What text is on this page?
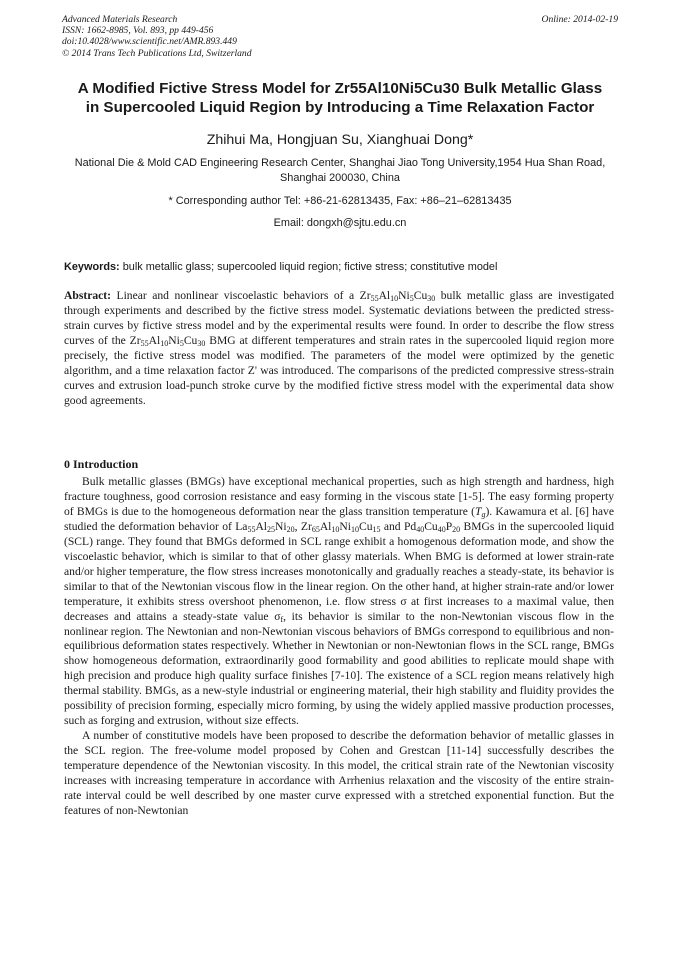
Advanced Materials Research
ISSN: 1662-8985, Vol. 893, pp 449-456
doi:10.4028/www.scientific.net/AMR.893.449
© 2014 Trans Tech Publications Ltd, Switzerland
Online: 2014-02-19
A Modified Fictive Stress Model for Zr55Al10Ni5Cu30 Bulk Metallic Glass
in Supercooled Liquid Region by Introducing a Time Relaxation Factor
Zhihui Ma, Hongjuan Su, Xianghuai Dong*
National Die & Mold CAD Engineering Research Center, Shanghai Jiao Tong University,1954 Hua Shan Road, Shanghai 200030, China
* Corresponding author Tel: +86-21-62813435, Fax: +86–21–62813435
Email: dongxh@sjtu.edu.cn
Keywords: bulk metallic glass; supercooled liquid region; fictive stress; constitutive model
Abstract: Linear and nonlinear viscoelastic behaviors of a $Zr_{55}Al_{10}Ni_5Cu_{30}$ bulk metallic glass are investigated through experiments and described by the fictive stress model. Systematic deviations between the predicted stress-strain curves by fictive stress model and by the experimental results were found. In order to describe the flow stress curves of the $Zr_{55}Al_{10}Ni_5Cu_{30}$ BMG at different temperatures and strain rates in the supercooled liquid region more precisely, the fictive stress model was modified. The parameters of the model were optimized by the genetic algorithm, and a time relaxation factor Z' was introduced. The comparisons of the predicted compressive stress-strain curves and extrusion load-punch stroke curve by the modified fictive stress model with the experimental data show good agreements.
0 Introduction

Bulk metallic glasses (BMGs) have exceptional mechanical properties, such as high strength and hardness, high fracture toughness, good corrosion resistance and easy forming in the viscous state [1-5]. The easy forming property of BMGs is due to the homogeneous deformation near the glass transition temperature $(T_g)$. Kawamura et al. [6] have studied the deformation behavior of $La_{55}Al_{25}Ni_{20}$, $Zr_{65}Al_{10}Ni_{10}Cu_{15}$ and $Pd_{40}Cu_{40}P_{20}$ BMGs in the supercooled liquid (SCL) range. They found that BMGs deformed in SCL range exhibit a homogenous deformation mode, and show the viscoelastic behavior, which is similar to that of other glassy materials. When BMG is deformed at lower strain-rate and/or higher temperature, the flow stress increases monotonically and gradually reaches a steady-state, its behavior is similar to that of the Newtonian viscous flow in the linear region. On the other hand, at higher strain-rate and/or lower temperature, it exhibits stress overshoot phenomenon, i.e. flow stress σ at first increases to a maximal value, then decreases and attains a steady-state value $\sigma_f$, its behavior is similar to the non-Newtonian viscous flow in the nonlinear region. The Newtonian and non-Newtonian viscous behaviors of BMGs correspond to equilibrious and non-equilibrious deformation states respectively. Whether in Newtonian or non-Newtonian flows in the SCL range, BMGs show homogeneous deformation, extraordinarily good formability and good abilities to replicate mould shape with high precision and produce high quality surface finishes [7-10]. The existence of a SCL region means relatively high thermal stability. BMGs, as a new-style industrial or engineering material, their high stability and fluidity provides the possibility of precision forming, especially micro forming, by using the widely applied massive production processes, such as forging and extrusion, without size effects.

A number of constitutive models have been proposed to describe the deformation behavior of metallic glasses in the SCL region. The free-volume model proposed by Cohen and Grestcan [11-14] successfully describes the temperature dependence of the Newtonian viscosity. In this model, the critical strain rate of the Newtonian viscosity increases with increasing temperature in accordance with Arrhenius relaxation and the viscosity of the entire strain-rate interval could be well described by one master curve expressed with a stretched exponential function. But the features of non-Newtonian
